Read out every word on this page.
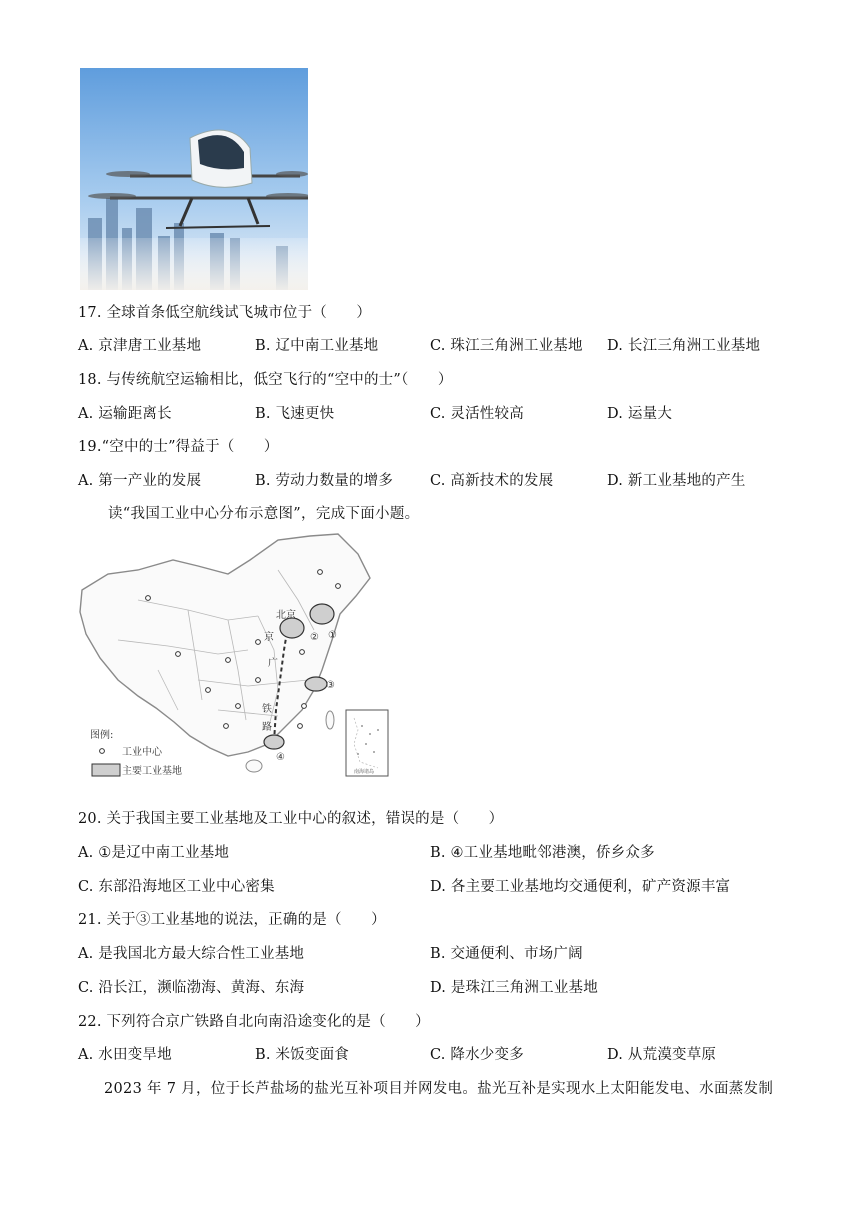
17. 全球首条低空航线试飞城市位于（　　）
A. 京津唐工业基地	B. 辽中南工业基地	C. 珠江三角洲工业基地 D. 长江三角洲工业基地
18. 与传统航空运输相比，低空飞行的“空中的士”（　　）
A. 运输距离长	B. 飞速更快	C. 灵活性较高	D. 运量大
19.“空中的士”得益于（　　）
A. 第一产业的发展	B. 劳动力数量的增多	C. 高新技术的发展	D. 新工业基地的产生
读“我国工业中心分布示意图”，完成下面小题。
北京
京
广
铁
路
①
②
③
④
南海诸岛
图例:
工业中心
主要工业基地
20. 关于我国主要工业基地及工业中心的叙述，错误的是（　　）
A. ①是辽中南工业基地	B. ④工业基地毗邻港澳，侨乡众多
C. 东部沿海地区工业中心密集	D. 各主要工业基地均交通便利，矿产资源丰富
21. 关于③工业基地的说法，正确的是（　　）
A. 是我国北方最大综合性工业基地	B. 交通便利、市场广阔
C. 沿长江，濒临渤海、黄海、东海	D. 是珠江三角洲工业基地
22. 下列符合京广铁路自北向南沿途变化的是（　　）
A. 水田变旱地	B. 米饭变面食	C. 降水少变多	D. 从荒漠变草原
2023 年 7 月，位于长芦盐场的盐光互补项目并网发电。盐光互补是实现水上太阳能发电、水面蒸发制
